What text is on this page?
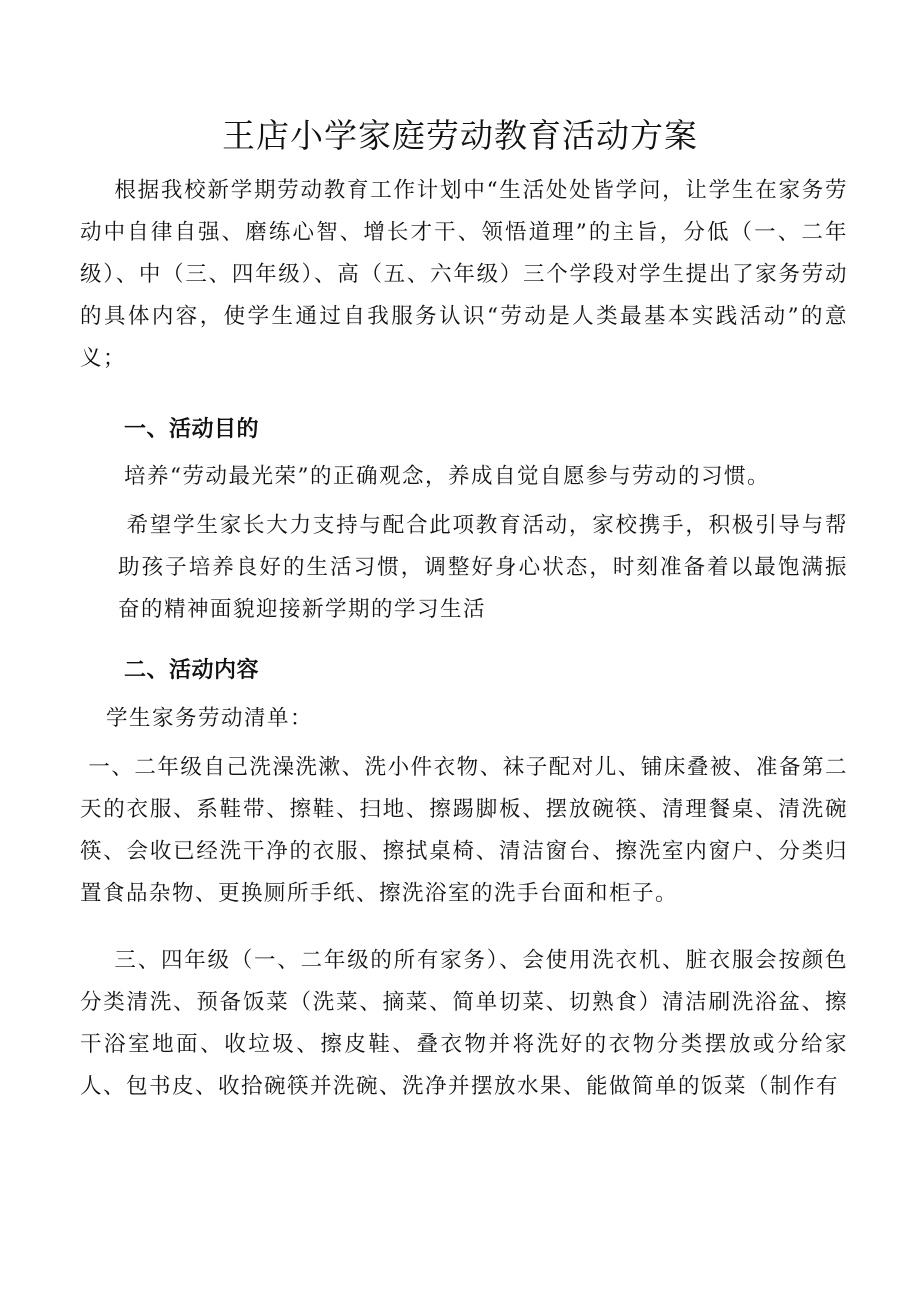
王店小学家庭劳动教育活动方案

根据我校新学期劳动教育工作计划中“生活处处皆学问，让学生在家务劳动中自律自强、磨练心智、增长才干、领悟道理”的主旨，分低（一、二年级）、中（三、四年级）、高（五、六年级）三个学段对学生提出了家务劳动的具体内容，使学生通过自我服务认识“劳动是人类最基本实践活动”的意义；

一、活动目的

培养“劳动最光荣”的正确观念，养成自觉自愿参与劳动的习惯。

希望学生家长大力支持与配合此项教育活动，家校携手，积极引导与帮助孩子培养良好的生活习惯，调整好身心状态，时刻准备着以最饱满振奋的精神面貌迎接新学期的学习生活

二、活动内容

学生家务劳动清单：

一、二年级自己洗澡洗漱、洗小件衣物、袜子配对儿、铺床叠被、准备第二天的衣服、系鞋带、擦鞋、扫地、擦踢脚板、摆放碗筷、清理餐桌、清洗碗筷、会收已经洗干净的衣服、擦拭桌椅、清洁窗台、擦洗室内窗户、分类归置食品杂物、更换厕所手纸、擦洗浴室的洗手台面和柜子。

三、四年级（一、二年级的所有家务）、会使用洗衣机、脏衣服会按颜色分类清洗、预备饭菜（洗菜、摘菜、简单切菜、切熟食）清洁刷洗浴盆、擦干浴室地面、收垃圾、擦皮鞋、叠衣物并将洗好的衣物分类摆放或分给家人、包书皮、收拾碗筷并洗碗、洗净并摆放水果、能做简单的饭菜（制作有
